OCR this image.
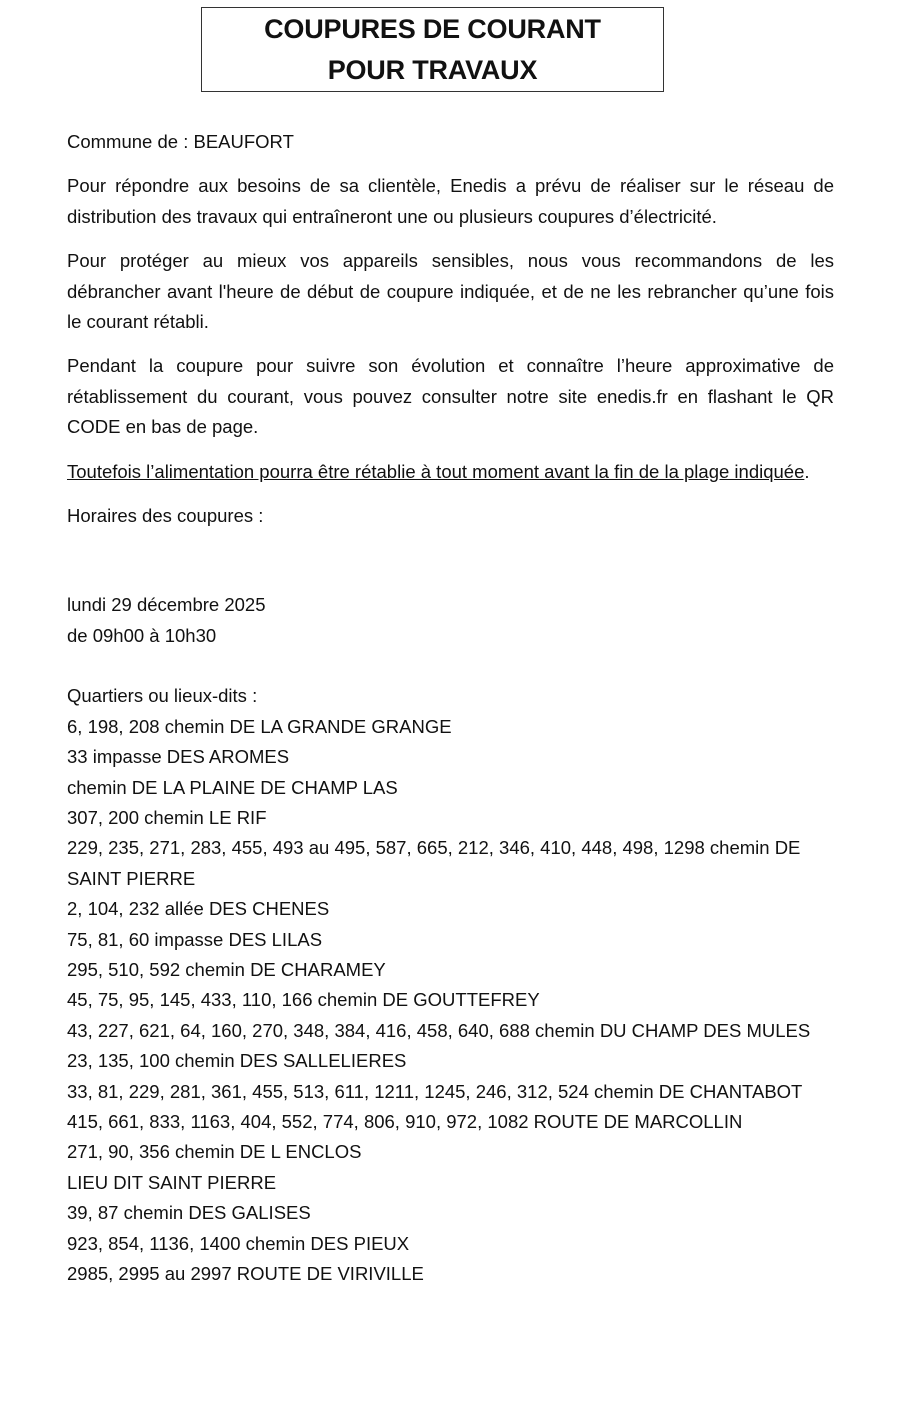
COUPURES DE COURANT
POUR TRAVAUX

Commune de : BEAUFORT

Pour répondre aux besoins de sa clientèle, Enedis a prévu de réaliser sur le réseau de distribution des travaux qui entraîneront une ou plusieurs coupures d’électricité.

Pour protéger au mieux vos appareils sensibles, nous vous recommandons de les débrancher avant l'heure de début de coupure indiquée, et de ne les rebrancher qu’une fois le courant rétabli.

Pendant la coupure pour suivre son évolution et connaître l’heure approximative de rétablissement du courant, vous pouvez consulter notre site enedis.fr en flashant le QR CODE en bas de page.

Toutefois l’alimentation pourra être rétablie à tout moment avant la fin de la plage indiquée.

Horaires des coupures :

lundi 29 décembre 2025
de 09h00 à 10h30
Quartiers ou lieux-dits :
6, 198, 208 chemin DE LA GRANDE GRANGE
33 impasse DES AROMES
chemin DE LA PLAINE DE CHAMP LAS
307, 200 chemin LE RIF
229, 235, 271, 283, 455, 493 au 495, 587, 665, 212, 346, 410, 448, 498, 1298 chemin DE SAINT PIERRE
2, 104, 232 allée DES CHENES
75, 81, 60 impasse DES LILAS
295, 510, 592 chemin DE CHARAMEY
45, 75, 95, 145, 433, 110, 166 chemin DE GOUTTEFREY
43, 227, 621, 64, 160, 270, 348, 384, 416, 458, 640, 688 chemin DU CHAMP DES MULES
23, 135, 100 chemin DES SALLELIERES
33, 81, 229, 281, 361, 455, 513, 611, 1211, 1245, 246, 312, 524 chemin DE CHANTABOT
415, 661, 833, 1163, 404, 552, 774, 806, 910, 972, 1082 ROUTE DE MARCOLLIN
271, 90, 356 chemin DE L ENCLOS
LIEU DIT SAINT PIERRE
39, 87 chemin DES GALISES
923, 854, 1136, 1400 chemin DES PIEUX
2985, 2995 au 2997 ROUTE DE VIRIVILLE
